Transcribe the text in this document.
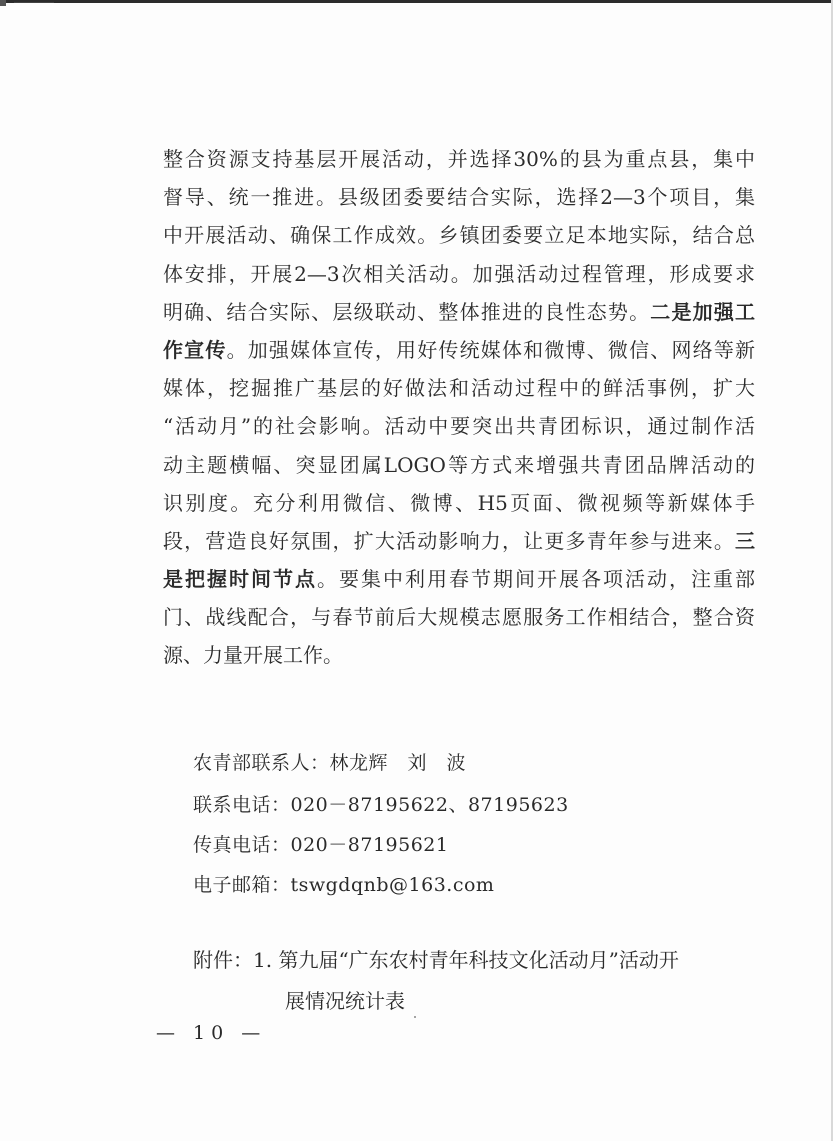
整合资源支持基层开展活动，并选择30%的县为重点县，集中
督导、统一推进。县级团委要结合实际，选择2—3个项目，集
中开展活动、确保工作成效。乡镇团委要立足本地实际，结合总
体安排，开展2—3次相关活动。加强活动过程管理，形成要求
明确、结合实际、层级联动、整体推进的良性态势。二是加强工
作宣传。加强媒体宣传，用好传统媒体和微博、微信、网络等新
媒体，挖掘推广基层的好做法和活动过程中的鲜活事例，扩大
“活动月”的社会影响。活动中要突出共青团标识，通过制作活
动主题横幅、突显团属LOGO等方式来增强共青团品牌活动的
识别度。充分利用微信、微博、H5页面、微视频等新媒体手
段，营造良好氛围，扩大活动影响力，让更多青年参与进来。三
是把握时间节点。要集中利用春节期间开展各项活动，注重部
门、战线配合，与春节前后大规模志愿服务工作相结合，整合资
源、力量开展工作。
农青部联系人：林龙辉　刘　波
联系电话：020－87195622、87195623
传真电话：020－87195621
电子邮箱：tswgdqnb@163.com
附件：1. 第九届“广东农村青年科技文化活动月”活动开
展情况统计表
— 10 —
